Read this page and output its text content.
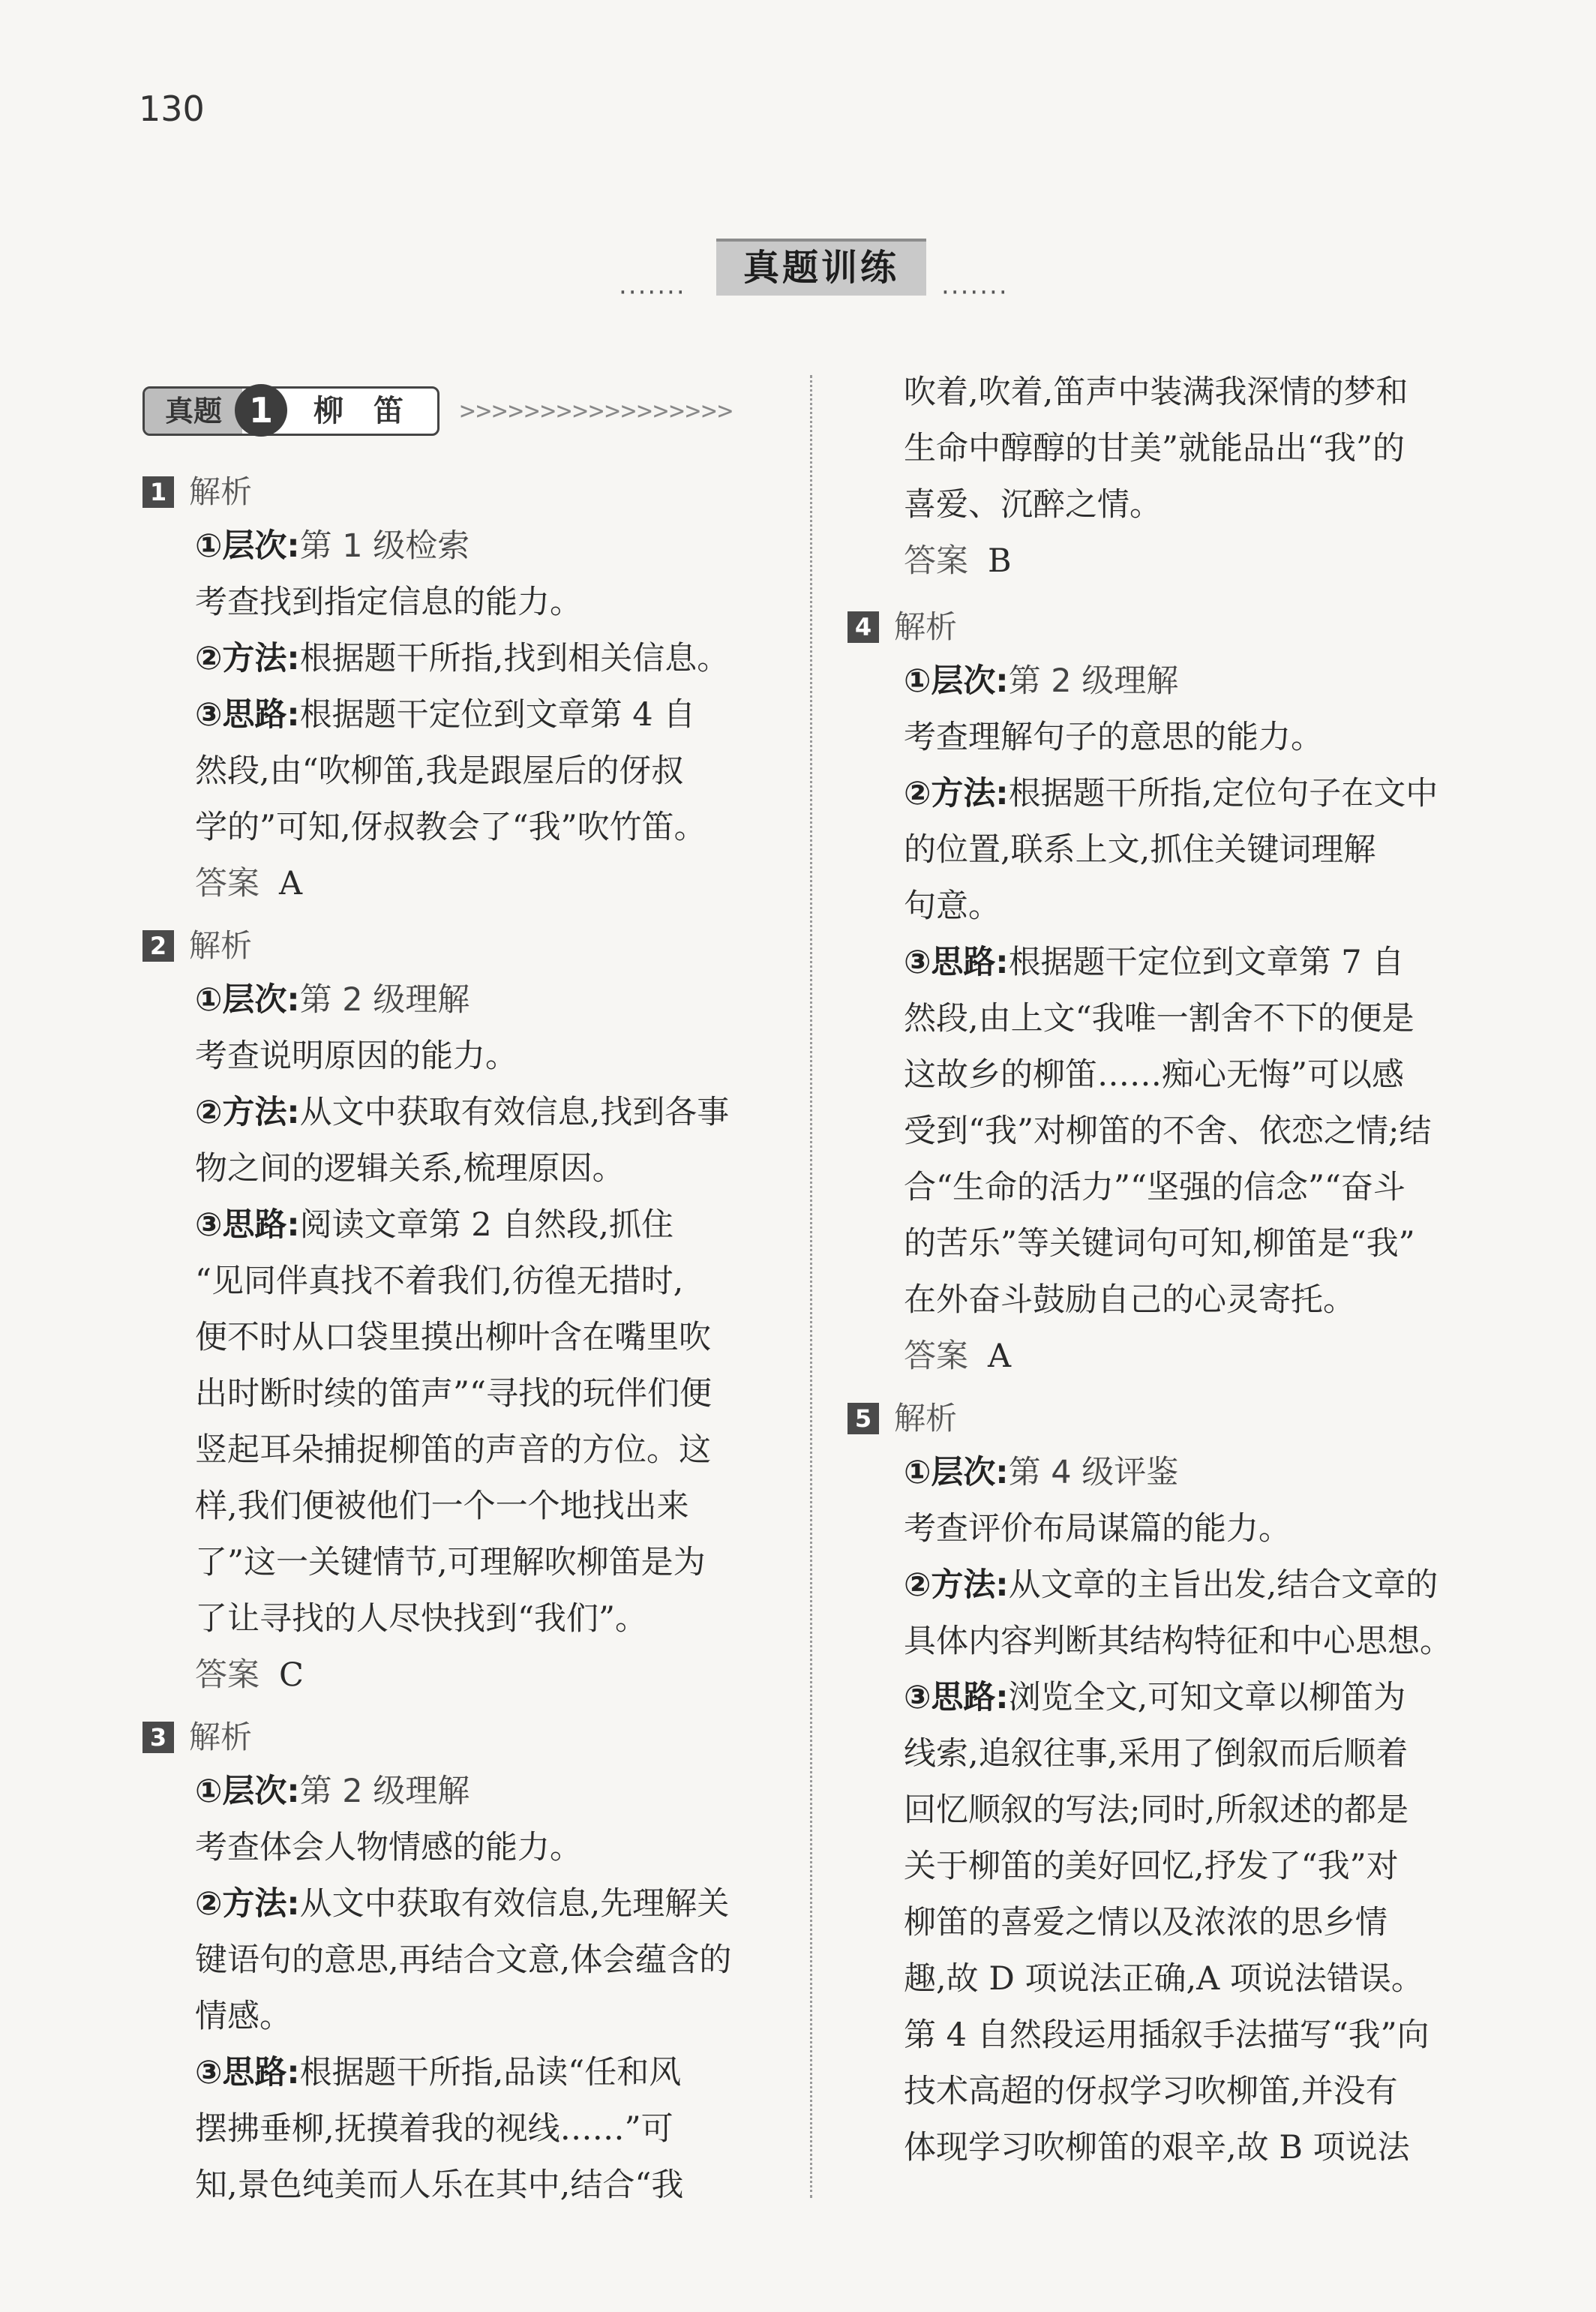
130
·······
真题训练
·······
真题 1	柳笛 >>>>>>>>>>>>>>>>>
1 解析
①层次:第 1 级检索
考查找到指定信息的能力。
②方法:根据题干所指,找到相关信息。
③思路:根据题干定位到文章第 4 自
然段,由“吹柳笛,我是跟屋后的伢叔
学的”可知,伢叔教会了“我”吹竹笛。
答案 A
2 解析
①层次:第 2 级理解
考查说明原因的能力。
②方法:从文中获取有效信息,找到各事
物之间的逻辑关系,梳理原因。
③思路:阅读文章第 2 自然段,抓住
“见同伴真找不着我们,彷徨无措时,
便不时从口袋里摸出柳叶含在嘴里吹
出时断时续的笛声”“寻找的玩伴们便
竖起耳朵捕捉柳笛的声音的方位。这
样,我们便被他们一个一个地找出来
了”这一关键情节,可理解吹柳笛是为
了让寻找的人尽快找到“我们”。
答案 C
3 解析
①层次:第 2 级理解
考查体会人物情感的能力。
②方法:从文中获取有效信息,先理解关
键语句的意思,再结合文意,体会蕴含的
情感。
③思路:根据题干所指,品读“任和风
摆拂垂柳,抚摸着我的视线……”可
知,景色纯美而人乐在其中,结合“我
吹着,吹着,笛声中装满我深情的梦和
生命中醇醇的甘美”就能品出“我”的
喜爱、沉醉之情。
答案 B
4 解析
①层次:第 2 级理解
考查理解句子的意思的能力。
②方法:根据题干所指,定位句子在文中
的位置,联系上文,抓住关键词理解
句意。
③思路:根据题干定位到文章第 7 自
然段,由上文“我唯一割舍不下的便是
这故乡的柳笛……痴心无悔”可以感
受到“我”对柳笛的不舍、依恋之情;结
合“生命的活力”“坚强的信念”“奋斗
的苦乐”等关键词句可知,柳笛是“我”
在外奋斗鼓励自己的心灵寄托。
答案 A
5 解析
①层次:第 4 级评鉴
考查评价布局谋篇的能力。
②方法:从文章的主旨出发,结合文章的
具体内容判断其结构特征和中心思想。
③思路:浏览全文,可知文章以柳笛为
线索,追叙往事,采用了倒叙而后顺着
回忆顺叙的写法;同时,所叙述的都是
关于柳笛的美好回忆,抒发了“我”对
柳笛的喜爱之情以及浓浓的思乡情
趣,故 D 项说法正确,A 项说法错误。
第 4 自然段运用插叙手法描写“我”向
技术高超的伢叔学习吹柳笛,并没有
体现学习吹柳笛的艰辛,故 B 项说法
